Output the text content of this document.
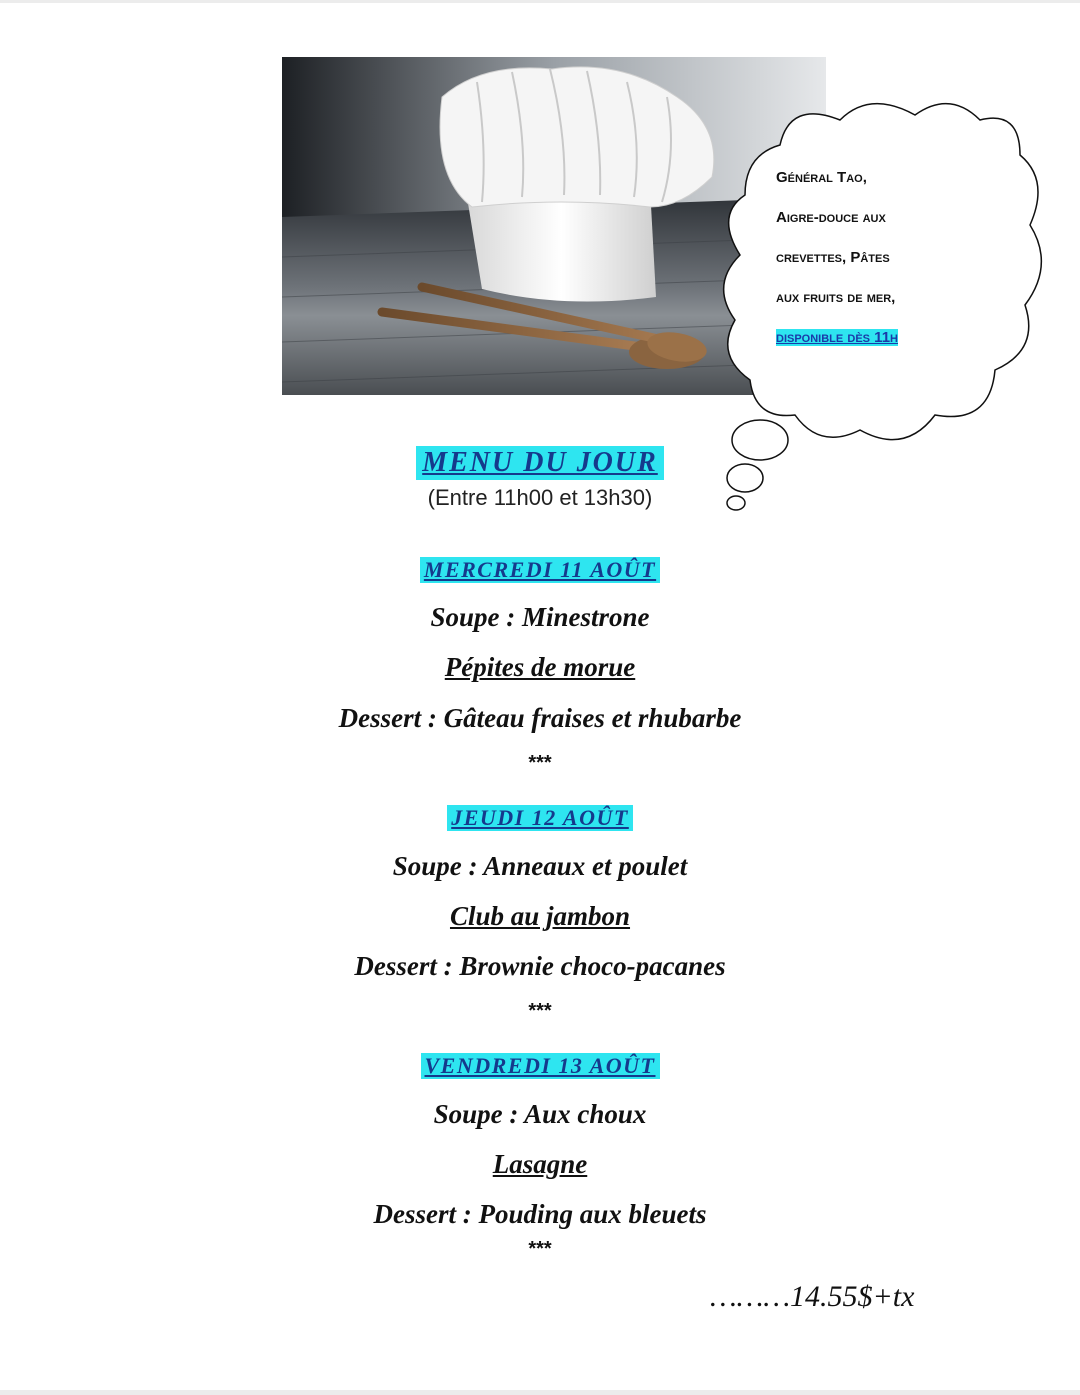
Général Tao,
Aigre-douce aux
crevettes, Pâtes
aux fruits de mer,
disponible dès 11h
MENU DU JOUR
(Entre 11h00 et 13h30)
MERCREDI 11 AOÛT
Soupe : Minestrone
Pépites de morue
Dessert : Gâteau fraises et rhubarbe
***
JEUDI 12 AOÛT
Soupe : Anneaux et poulet
Club au jambon
Dessert : Brownie choco-pacanes
***
VENDREDI 13 AOÛT
Soupe : Aux choux
Lasagne
Dessert : Pouding aux bleuets
***
………14.55$+tx
